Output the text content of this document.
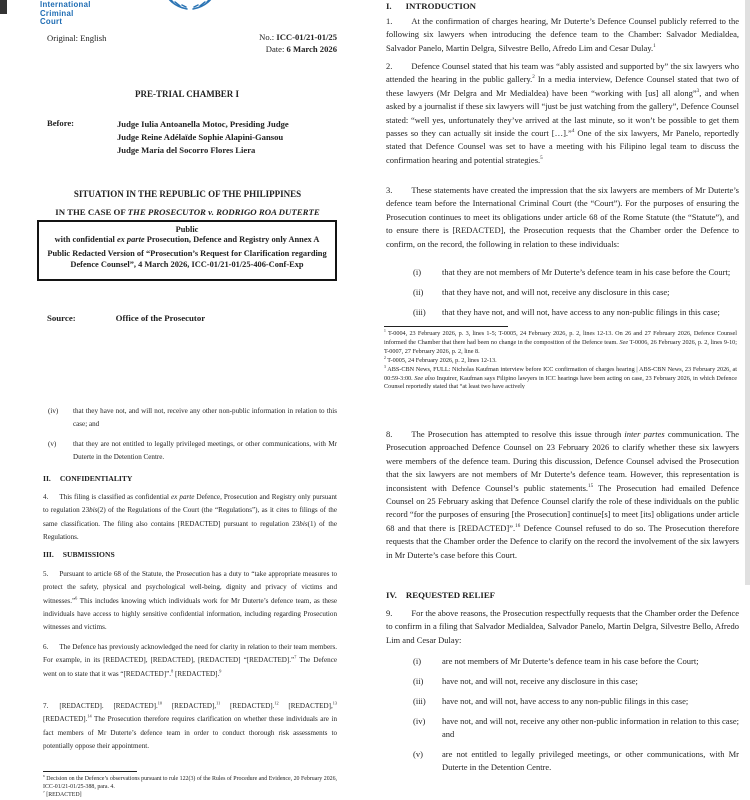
International
Criminal
Court
Original: English	No.: ICC-01/21-01/25
Date: 6 March 2026
PRE-TRIAL CHAMBER I
Before:	Judge Iulia Antoanella Motoc, Presiding Judge
Judge Reine Adélaïde Sophie Alapini-Gansou
Judge María del Socorro Flores Liera
SITUATION IN THE REPUBLIC OF THE PHILIPPINES
IN THE CASE OF THE PROSECUTOR v. RODRIGO ROA DUTERTE
Public
with confidential ex parte Prosecution, Defence and Registry only Annex A
Public Redacted Version of “Prosecution’s Request for Clarification regarding Defence Counsel”, 4 March 2026, ICC-01/21-01/25-406-Conf-Exp
Source:	Office of the Prosecutor
I. INTRODUCTION
1. At the confirmation of charges hearing, Mr Duterte’s Defence Counsel publicly referred to the following six lawyers when introducing the defence team to the Chamber: Salvador Medialdea, Salvador Panelo, Martin Delgra, Silvestre Bello, Afredo Lim and Cesar Dulay.$^1$
2. Defence Counsel stated that his team was “ably assisted and supported by” the six lawyers who attended the hearing in the public gallery.$^2$ In a media interview, Defence Counsel stated that two of these lawyers (Mr Delgra and Mr Medialdea) have been “working with [us] all along”$^3$, and when asked by a journalist if these six lawyers will “just be just watching from the gallery”, Defence Counsel stated: “well yes, unfortunately they’ve arrived at the last minute, so it won’t be possible to get them passes so they can actually sit inside the court […].”$^4$ One of the six lawyers, Mr Panelo, reportedly stated that Defence Counsel was set to have a meeting with his Filipino legal team to discuss the confirmation hearing and potential strategies.$^5$
3. These statements have created the impression that the six lawyers are members of Mr Duterte’s defence team before the International Criminal Court (the “Court”). For the purposes of ensuring the Prosecution continues to meet its obligations under article 68 of the Rome Statute (the “Statute”), and to ensure there is [REDACTED], the Prosecution requests that the Chamber order the Defence to confirm, on the record, the following in relation to these individuals:
(i) that they are not members of Mr Duterte’s defence team in his case before the Court;
(ii) that they have not, and will not, receive any disclosure in this case;
(iii) that they have not, and will not, have access to any non-public filings in this case;
$^1$ T-0004, 23 February 2026, p. 3, lines 1-5; T-0005, 24 February 2026, p. 2, lines 12-13. On 26 and 27 February 2026, Defence Counsel informed the Chamber that there had been no change in the composition of the Defence team. See T-0006, 26 February 2026, p. 2, lines 9-10; T-0007, 27 February 2026, p. 2, line 8.
$^2$ T-0005, 24 February 2026, p. 2, lines 12-13.
$^3$ ABS-CBN News, FULL: Nicholas Kaufman interview before ICC confirmation of charges hearing | ABS-CBN News, 23 February 2026, at 00:59-3:00. See also Inquirer, Kaufman says Filipino lawyers in ICC hearings have been acting on case, 23 February 2026, in which Defence Counsel reportedly stated that “at least two have actively
(iv) that they have not, and will not, receive any other non-public information in relation to this case; and
(v) that they are not entitled to legally privileged meetings, or other communications, with Mr Duterte in the Detention Centre.
II. CONFIDENTIALITY
4. This filing is classified as confidential ex parte Defence, Prosecution and Registry only pursuant to regulation 23bis(2) of the Regulations of the Court (the “Regulations”), as it cites to filings of the same classification. The filing also contains [REDACTED] pursuant to regulation 23bis(1) of the Regulations.
III. SUBMISSIONS
5. Pursuant to article 68 of the Statute, the Prosecution has a duty to “take appropriate measures to protect the safety, physical and psychological well-being, dignity and privacy of victims and witnesses.”$^6$ This includes knowing which individuals work for Mr Duterte’s defence team, as these individuals have access to highly sensitive confidential information, including regarding Prosecution witnesses and victims.
6. The Defence has previously acknowledged the need for clarity in relation to their team members. For example, in its [REDACTED], [REDACTED], [REDACTED] “[REDACTED].”$^7$ The Defence went on to state that it was “[REDACTED]”.$^8$ [REDACTED].$^9$
7. [REDACTED]. [REDACTED].$^{10}$ [REDACTED],$^{11}$ [REDACTED].$^{12}$ [REDACTED],$^{13}$ [REDACTED].$^{14}$ The Prosecution therefore requires clarification on whether these individuals are in fact members of Mr Duterte’s defence team in order to conduct thorough risk assessments to potentially oppose their appointment.
$^6$ Decision on the Defence’s observations pursuant to rule 122(3) of the Rules of Procedure and Evidence, 20 February 2026, ICC-01/21-01/25-388, para. 4.
$^7$ [REDACTED]
8. The Prosecution has attempted to resolve this issue through inter partes communication. The Prosecution approached Defence Counsel on 23 February 2026 to clarify whether these six lawyers were members of the defence team. During this discussion, Defence Counsel advised the Prosecution that the six lawyers are not members of Mr Duterte’s defence team. However, this representation is inconsistent with Defence Counsel’s public statements.$^{15}$ The Prosecution had emailed Defence Counsel on 25 February asking that Defence Counsel clarify the role of these individuals on the public record “for the purposes of ensuring [the Prosecution] continue[s] to meet [its] obligations under article 68 and that there is [REDACTED]”.$^{16}$ Defence Counsel refused to do so. The Prosecution therefore requests that the Chamber order the Defence to clarify on the record the involvement of the six lawyers in Mr Duterte’s case before this Court.
IV. REQUESTED RELIEF
9. For the above reasons, the Prosecution respectfully requests that the Chamber order the Defence to confirm in a filing that Salvador Medialdea, Salvador Panelo, Martin Delgra, Silvestre Bello, Afredo Lim and Cesar Dulay:
(i) are not members of Mr Duterte’s defence team in his case before the Court;
(ii) have not, and will not, receive any disclosure in this case;
(iii) have not, and will not, have access to any non-public filings in this case;
(iv) have not, and will not, receive any other non-public information in relation to this case; and
(v) are not entitled to legally privileged meetings, or other communications, with Mr Duterte in the Detention Centre.
